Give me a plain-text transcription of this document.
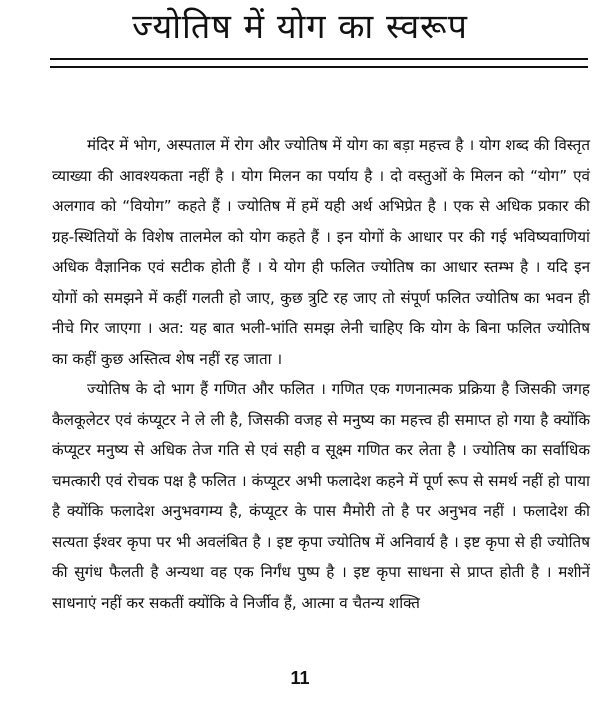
ज्योतिष में योग का स्वरूप

मंदिर में भोग, अस्पताल में रोग और ज्योतिष में योग का बड़ा महत्त्व है । योग शब्द की विस्तृत व्याख्या की आवश्यकता नहीं है । योग मिलन का पर्याय है । दो वस्तुओं के मिलन को “योग” एवं अलगाव को “वियोग” कहते हैं । ज्योतिष में हमें यही अर्थ अभिप्रेत है । एक से अधिक प्रकार की ग्रह-स्थितियों के विशेष तालमेल को योग कहते हैं । इन योगों के आधार पर की गई भविष्यवाणियां अधिक वैज्ञानिक एवं सटीक होती हैं । ये योग ही फलित ज्योतिष का आधार स्तम्भ है । यदि इन योगों को समझने में कहीं गलती हो जाए, कुछ त्रुटि रह जाए तो संपूर्ण फलित ज्योतिष का भवन ही नीचे गिर जाएगा । अत: यह बात भली-भांति समझ लेनी चाहिए कि योग के बिना फलित ज्योतिष का कहीं कुछ अस्तित्व शेष नहीं रह जाता ।

ज्योतिष के दो भाग हैं गणित और फलित । गणित एक गणनात्मक प्रक्रिया है जिसकी जगह कैलकूलेटर एवं कंप्यूटर ने ले ली है, जिसकी वजह से मनुष्य का महत्त्व ही समाप्त हो गया है क्योंकि कंप्यूटर मनुष्य से अधिक तेज गति से एवं सही व सूक्ष्म गणित कर लेता है । ज्योतिष का सर्वाधिक चमत्कारी एवं रोचक पक्ष है फलित । कंप्यूटर अभी फलादेश कहने में पूर्ण रूप से समर्थ नहीं हो पाया है क्योंकि फलादेश अनुभवगम्य है, कंप्यूटर के पास मैमोरी तो है पर अनुभव नहीं । फलादेश की सत्यता ईश्वर कृपा पर भी अवलंबित है । इष्ट कृपा ज्योतिष में अनिवार्य है । इष्ट कृपा से ही ज्योतिष की सुगंध फैलती है अन्यथा वह एक निर्गंध पुष्प है । इष्ट कृपा साधना से प्राप्त होती है । मशीनें साधनाएं नहीं कर सकतीं क्योंकि वे निर्जीव हैं, आत्मा व चैतन्य शक्ति

11
